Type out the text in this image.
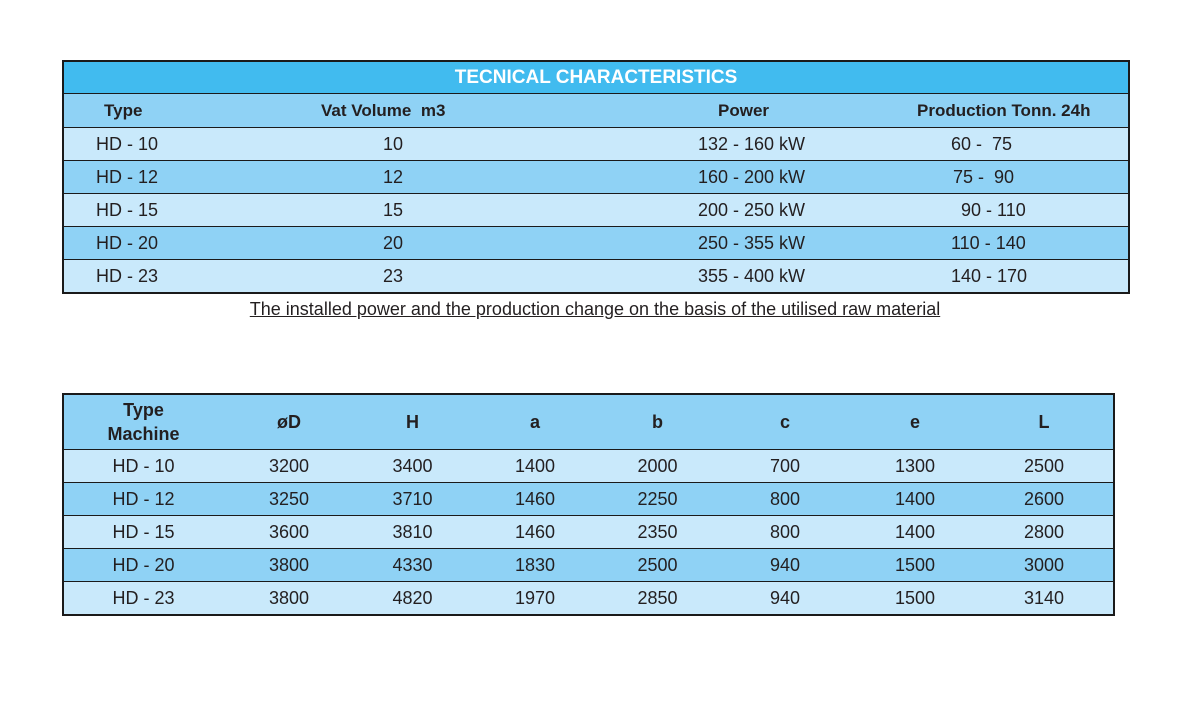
TECNICAL CHARACTERISTICS			
Type	Vat Volume  m3	Power	Production Tonn. 24h
HD - 10	10	132 - 160 kW	60 -  75
HD - 12	12	160 - 200 kW	75 -  90
HD - 15	15	200 - 250 kW	90 - 110
HD - 20	20	250 - 355 kW	110 - 140
HD - 23	23	355 - 400 kW	140 - 170
The installed power and the production change on the basis of the utilised raw material
Type
Machine	øD	H	a	b	c	e	L
HD - 10	3200	3400	1400	2000	700	1300	2500
HD - 12	3250	3710	1460	2250	800	1400	2600
HD - 15	3600	3810	1460	2350	800	1400	2800
HD - 20	3800	4330	1830	2500	940	1500	3000
HD - 23	3800	4820	1970	2850	940	1500	3140
